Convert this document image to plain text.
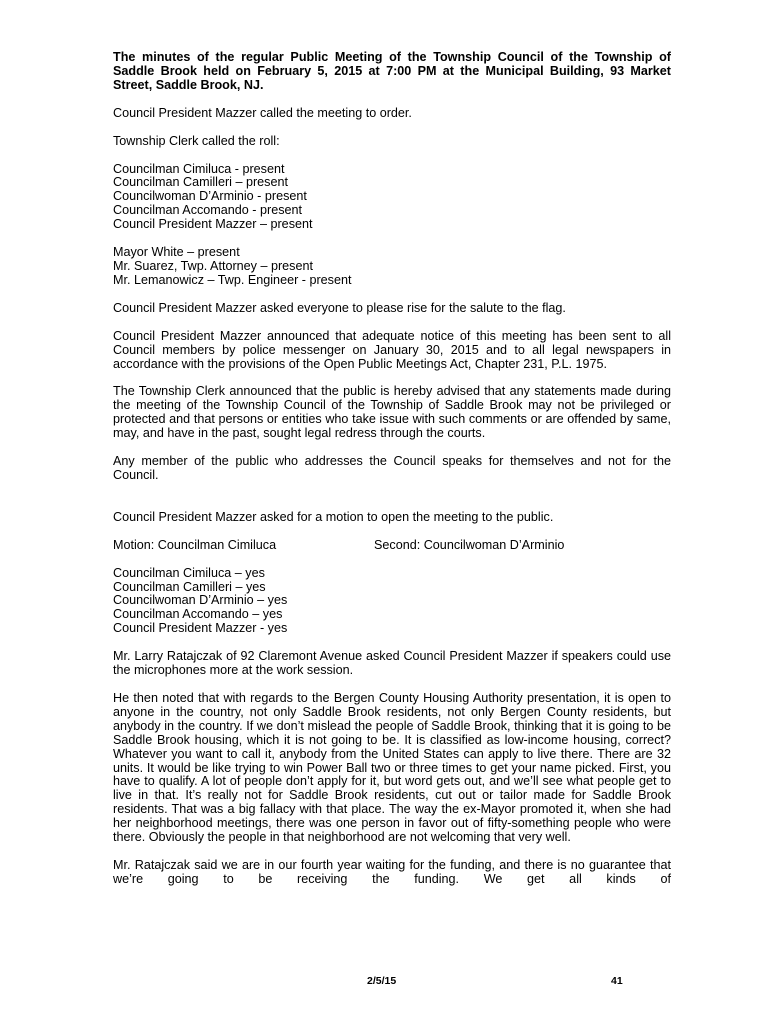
The minutes of the regular Public Meeting of the Township Council of the Township of Saddle Brook held on February 5, 2015 at 7:00 PM at the Municipal Building, 93 Market Street, Saddle Brook, NJ.

Council President Mazzer called the meeting to order.

Township Clerk called the roll:

Councilman Cimiluca - present
Councilman Camilleri – present
Councilwoman D’Arminio - present
Councilman Accomando - present
Council President Mazzer – present
Mayor White – present
Mr. Suarez, Twp. Attorney – present
Mr. Lemanowicz – Twp. Engineer - present

Council President Mazzer asked everyone to please rise for the salute to the flag.

Council President Mazzer announced that adequate notice of this meeting has been sent to all Council members by police messenger on January 30, 2015 and to all legal newspapers in accordance with the provisions of the Open Public Meetings Act, Chapter 231, P.L. 1975.

The Township Clerk announced that the public is hereby advised that any statements made during the meeting of the Township Council of the Township of Saddle Brook may not be privileged or protected and that persons or entities who take issue with such comments or are offended by same, may, and have in the past, sought legal redress through the courts.

Any member of the public who addresses the Council speaks for themselves and not for the Council.

Council President Mazzer asked for a motion to open the meeting to the public.

Motion: Councilman Cimiluca	Second: Councilwoman D’Arminio
Councilman Cimiluca – yes
Councilman Camilleri – yes
Councilwoman D’Arminio – yes
Councilman Accomando – yes
Council President Mazzer - yes

Mr. Larry Ratajczak of 92 Claremont Avenue asked Council President Mazzer if speakers could use the microphones more at the work session.

He then noted that with regards to the Bergen County Housing Authority presentation, it is open to anyone in the country, not only Saddle Brook residents, not only Bergen County residents, but anybody in the country. If we don’t mislead the people of Saddle Brook, thinking that it is going to be Saddle Brook housing, which it is not going to be. It is classified as low-income housing, correct? Whatever you want to call it, anybody from the United States can apply to live there. There are 32 units. It would be like trying to win Power Ball two or three times to get your name picked. First, you have to qualify. A lot of people don’t apply for it, but word gets out, and we’ll see what people get to live in that. It’s really not for Saddle Brook residents, cut out or tailor made for Saddle Brook residents. That was a big fallacy with that place. The way the ex-Mayor promoted it, when she had her neighborhood meetings, there was one person in favor out of fifty-something people who were there. Obviously the people in that neighborhood are not welcoming that very well.

Mr. Ratajczak said we are in our fourth year waiting for the funding, and there is no guarantee that we’re going to be receiving the funding. We get all kinds of

2/5/15	41
